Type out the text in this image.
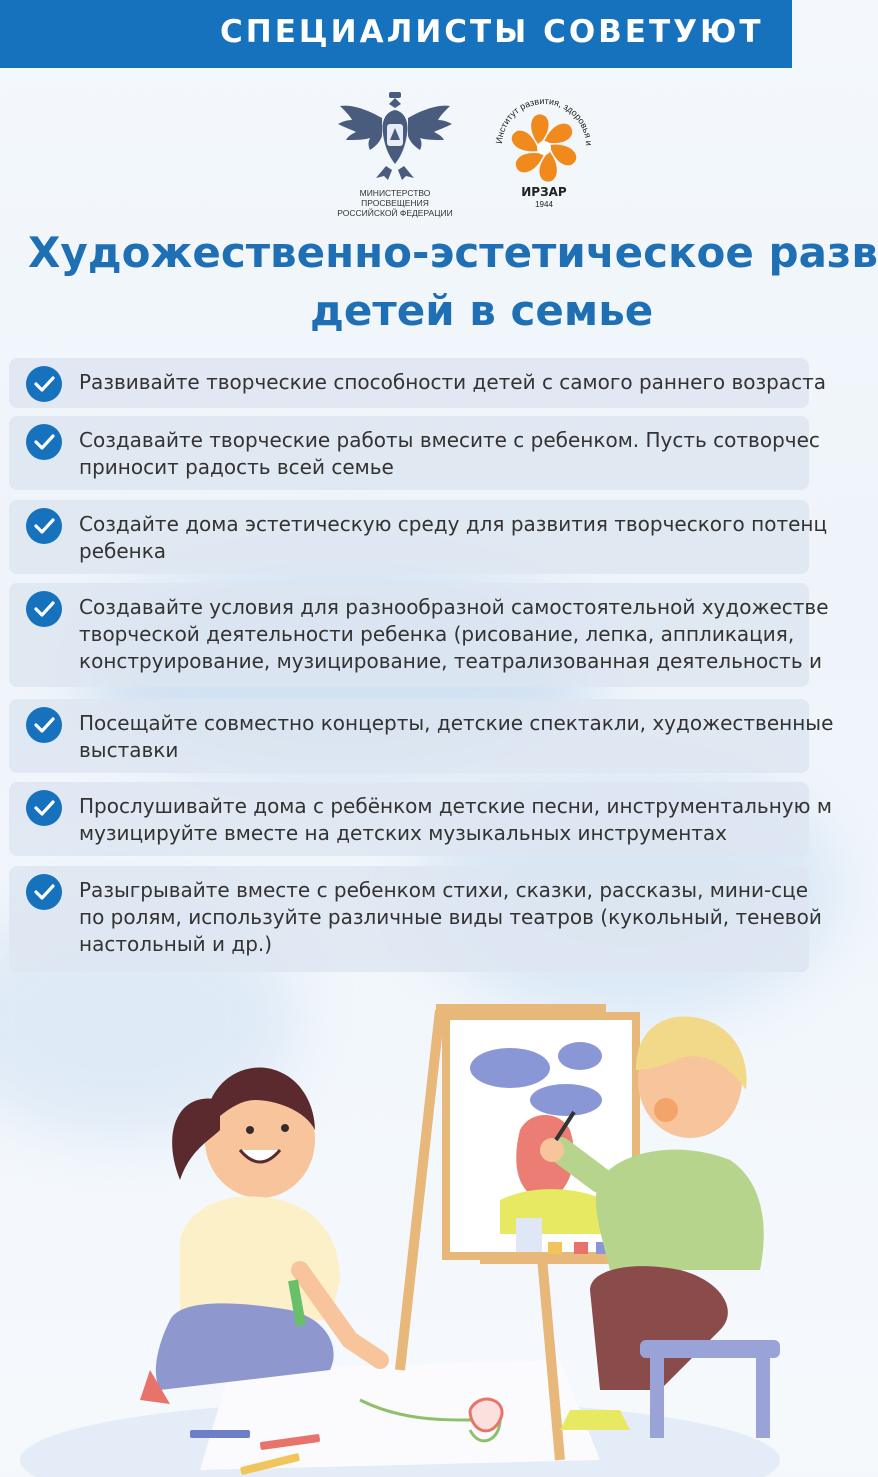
СПЕЦИАЛИСТЫ СОВЕТУЮТ
МИНИСТЕРСТВО ПРОСВЕЩЕНИЯ
РОССИЙСКОЙ ФЕДЕРАЦИИ
Институт развития, здоровья и
ИРЗАР
1944
Художественно-эстетическое разв
детей в семье
Развивайте творческие способности детей с самого раннего возраста
Создавайте творческие работы вмесите с ребенком. Пусть сотворчес
приносит радость всей семье
Создайте дома эстетическую среду для развития творческого потенц
ребенка
Создавайте условия для разнообразной самостоятельной художестве
творческой деятельности ребенка (рисование, лепка, аппликация,
конструирование, музицирование, театрализованная деятельность и
Посещайте совместно концерты, детские спектакли, художественные
выставки
Прослушивайте дома с ребёнком детские песни, инструментальную м
музицируйте вместе на детских музыкальных инструментах
Разыгрывайте вместе с ребенком стихи, сказки, рассказы, мини-сце
по ролям, используйте различные виды театров (кукольный, теневой
настольный и др.)
